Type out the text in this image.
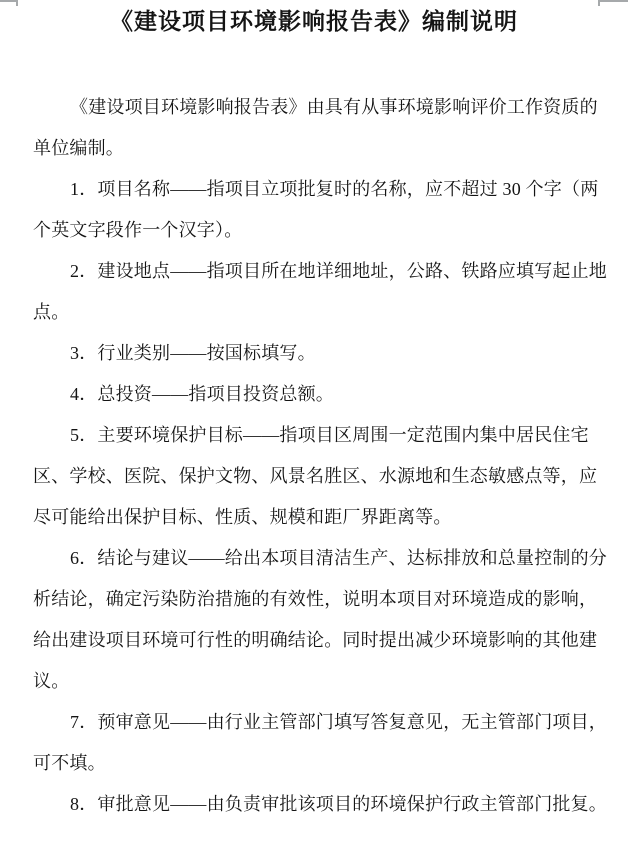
《建设项目环境影响报告表》编制说明
《建设项目环境影响报告表》由具有从事环境影响评价工作资质的
单位编制。
1．项目名称——指项目立项批复时的名称，应不超过 30 个字（两
个英文字段作一个汉字）。
2．建设地点——指项目所在地详细地址，公路、铁路应填写起止地
点。
3．行业类别——按国标填写。
4．总投资——指项目投资总额。
5．主要环境保护目标——指项目区周围一定范围内集中居民住宅
区、学校、医院、保护文物、风景名胜区、水源地和生态敏感点等，应
尽可能给出保护目标、性质、规模和距厂界距离等。
6．结论与建议——给出本项目清洁生产、达标排放和总量控制的分
析结论，确定污染防治措施的有效性，说明本项目对环境造成的影响，
给出建设项目环境可行性的明确结论。同时提出减少环境影响的其他建
议。
7．预审意见——由行业主管部门填写答复意见，无主管部门项目，
可不填。
8．审批意见——由负责审批该项目的环境保护行政主管部门批复。
